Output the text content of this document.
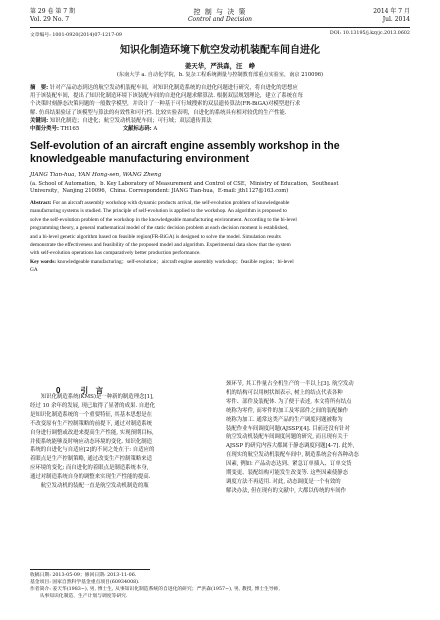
第 29 卷 第 7 期
Vol. 29 No. 7
控 制 与 决 策
Control and Decision
2014 年 7 月
Jul. 2014
文章编号: 1001-0920(2014)07-1217-09	DOI: 10.13195/j.kzyjc.2013.0602
知识化制造环境下航空发动机装配车间自进化
姜天华，严洪森，汪　峥
(东南大学 a. 自动化学院，b. 复杂工程系统测量与控制教育部重点实验室，南京 210096)
摘　要: 针对产品动态到达的航空发动机装配车间，对知识化制造系统的自进化问题进行研究，将自进化的思想应
用于该装配车间，提出了知识化制造环境下该装配车间的自进化问题求解算法. 根据双层规划理论，建立了系统在每
个决策时刻静态决策问题的一般数学模型，并设计了一种基于可行域搜索的双层遗传算法(FR-BiGA)对模型进行求
解. 仿真结果验证了该模型与算法的有效性和可行性. 比较实验表明，自进化的系统具有相对较优的生产性能.
关键词: 知识化制造；自进化；航空发动机装配车间；可行域；双层遗传算法
中图分类号: TH165	文献标志码: A
Self-evolution of an aircraft engine assembly workshop in the knowledgeable manufacturing environment
JIANG Tian-hua, YAN Hong-sen, WANG Zheng
(a. School of Automation，b. Key Laboratory of Measurement and Control of CSE，Ministry of Education，Southeast
University，Nanjing 210096，China. Correspondent: JIANG Tian-hua，E-mail: jth1127@163.com)
Abstract: For an aircraft assembly workshop with dynamic products arrival, the self-evolution problem of knowledgeable
manufacturing systems is studied. The principle of self-evolution is applied to the workshop. An algorithm is proposed to
solve the self-evolution problem of the workshop in the knowledgeable manufacturing environment. According to the bi-level
programming theory, a general mathematical model of the static decision problem at each decision moment is established,
and a bi-level genetic algorithm based on feasible region(FR-BiGA) is designed to solve the model. Simulation results
demonstrate the effectiveness and feasibility of the proposed model and algorithm. Experimental data show that the system
with self-evolution operations has comparatively better production performance.
Key words: knowledgeable manufacturing；self-evolution；aircraft engine assembly workshop；feasible region；bi-level
GA
0	引　言
　　知识化制造系统(KMS)是一种新的制造理念[1],
经过 10 余年的发展, 现已取得了显著的成果. 自进化
是知识化制造系统的一个重要特征, 其基本思想是在
不改变原有生产控制策略的前提下, 通过对制造系统
自身进行调整或改进来提高生产性能, 实现预期目标,
并使系统能够及时响应动态环境的变化. 知识化制造
系统的自进化与自适应[2]的不同之处在于: 自适应的
着眼点是生产控制策略, 通过改变生产控制策略来适
应环境的变化; 而自进化的着眼点是制造系统本身,
通过对制造系统自身的调整来实现生产性能的提高.
　　航空发动机的装配一直是航空发动机制造的瓶
颈环节, 其工作量占全机生产的一半以上[3]. 航空发动
机的结构可以用树状图表示, 树上的结点代表各种
零件、部件及装配体. 为了便于表述, 本文将所有结点
统称为零件, 而零件的加工及零部件之间的装配操作
统称为加工. 通常这类产品的生产调度问题被称为
装配作业车间调度问题(AJSSP)[4]. 目前还没有针对
航空发动机装配车间调度问题的研究, 而且现有关于
AJSSP 的研究内容大都属于静态调度问题[4-7]. 此外,
在现实的航空发动机装配车间中, 制造系统会有各种动态
因素, 例如: 产品动态达到、紧急订单插入、订单交货
期变更、装配结构可能发生改变等. 这些因素使静态
调度方法不再适用. 对此, 动态调度是一个有效的
解决办法, 但在现有的文献中, 大都以传统的车间作
收稿日期: 2013-05-09；修回日期: 2013-11-06.
基金项目: 国家自然科学基金重点项目(60934008).
作者简介: 姜天华(1983−), 男, 博士生, 从事知识化制造系统的自进化的研究；严洪森(1957−), 男, 教授, 博士生导师,
　　从事知识化制造、生产计划与调度等研究.
